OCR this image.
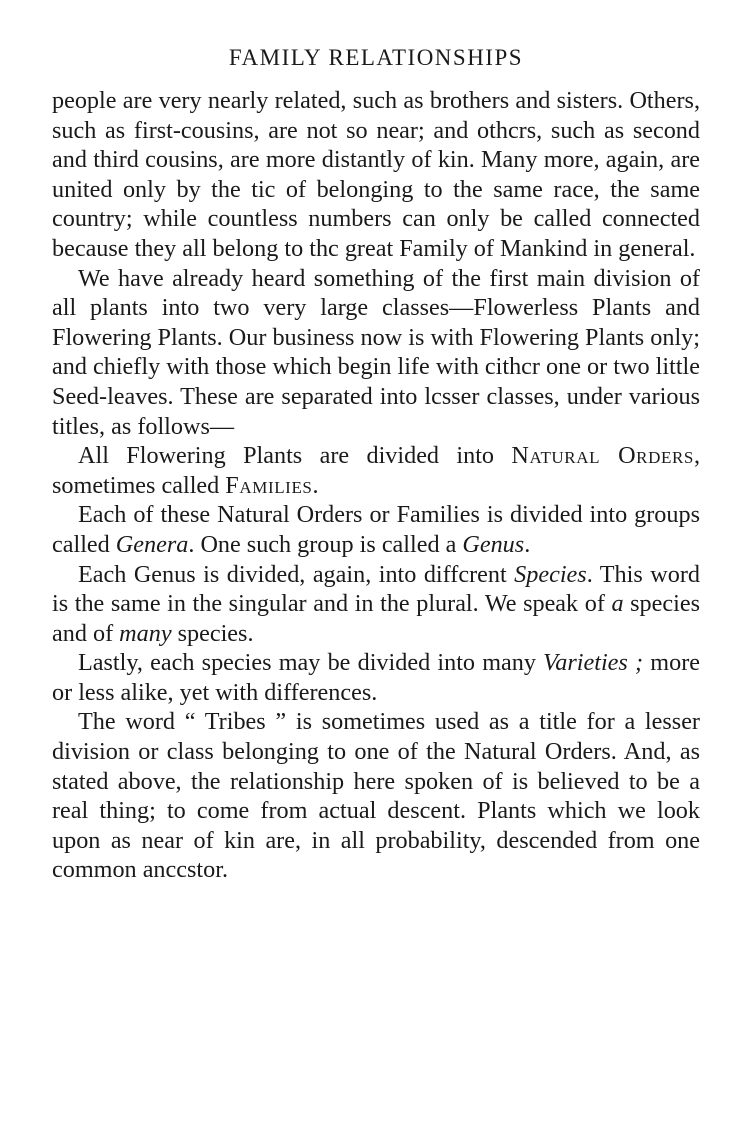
FAMILY RELATIONSHIPS

people are very nearly related, such as brothers and sisters. Others, such as first-cousins, are not so near; and othcrs, such as second and third cousins, are more distantly of kin. Many more, again, are united only by the tic of belonging to the same race, the same country; while countless numbers can only be called connected because they all belong to thc great Family of Mankind in general.

We have already heard something of the first main division of all plants into two very large classes—Flowerless Plants and Flowering Plants. Our business now is with Flowering Plants only; and chiefly with those which begin life with cithcr one or two little Seed-leaves. These are separated into lcsser classes, under various titles, as follows—

All Flowering Plants are divided into Natural Orders, sometimes called Families.

Each of these Natural Orders or Families is divided into groups called Genera. One such group is called a Genus.

Each Genus is divided, again, into diffcrent Species. This word is the same in the singular and in the plural. We speak of a species and of many species.

Lastly, each species may be divided into many Varieties ; more or less alike, yet with differences.

The word “ Tribes ” is sometimes used as a title for a lesser division or class belonging to one of the Natural Orders. And, as stated above, the relationship here spoken of is believed to be a real thing; to come from actual descent. Plants which we look upon as near of kin are, in all probability, descended from one common anccstor.
